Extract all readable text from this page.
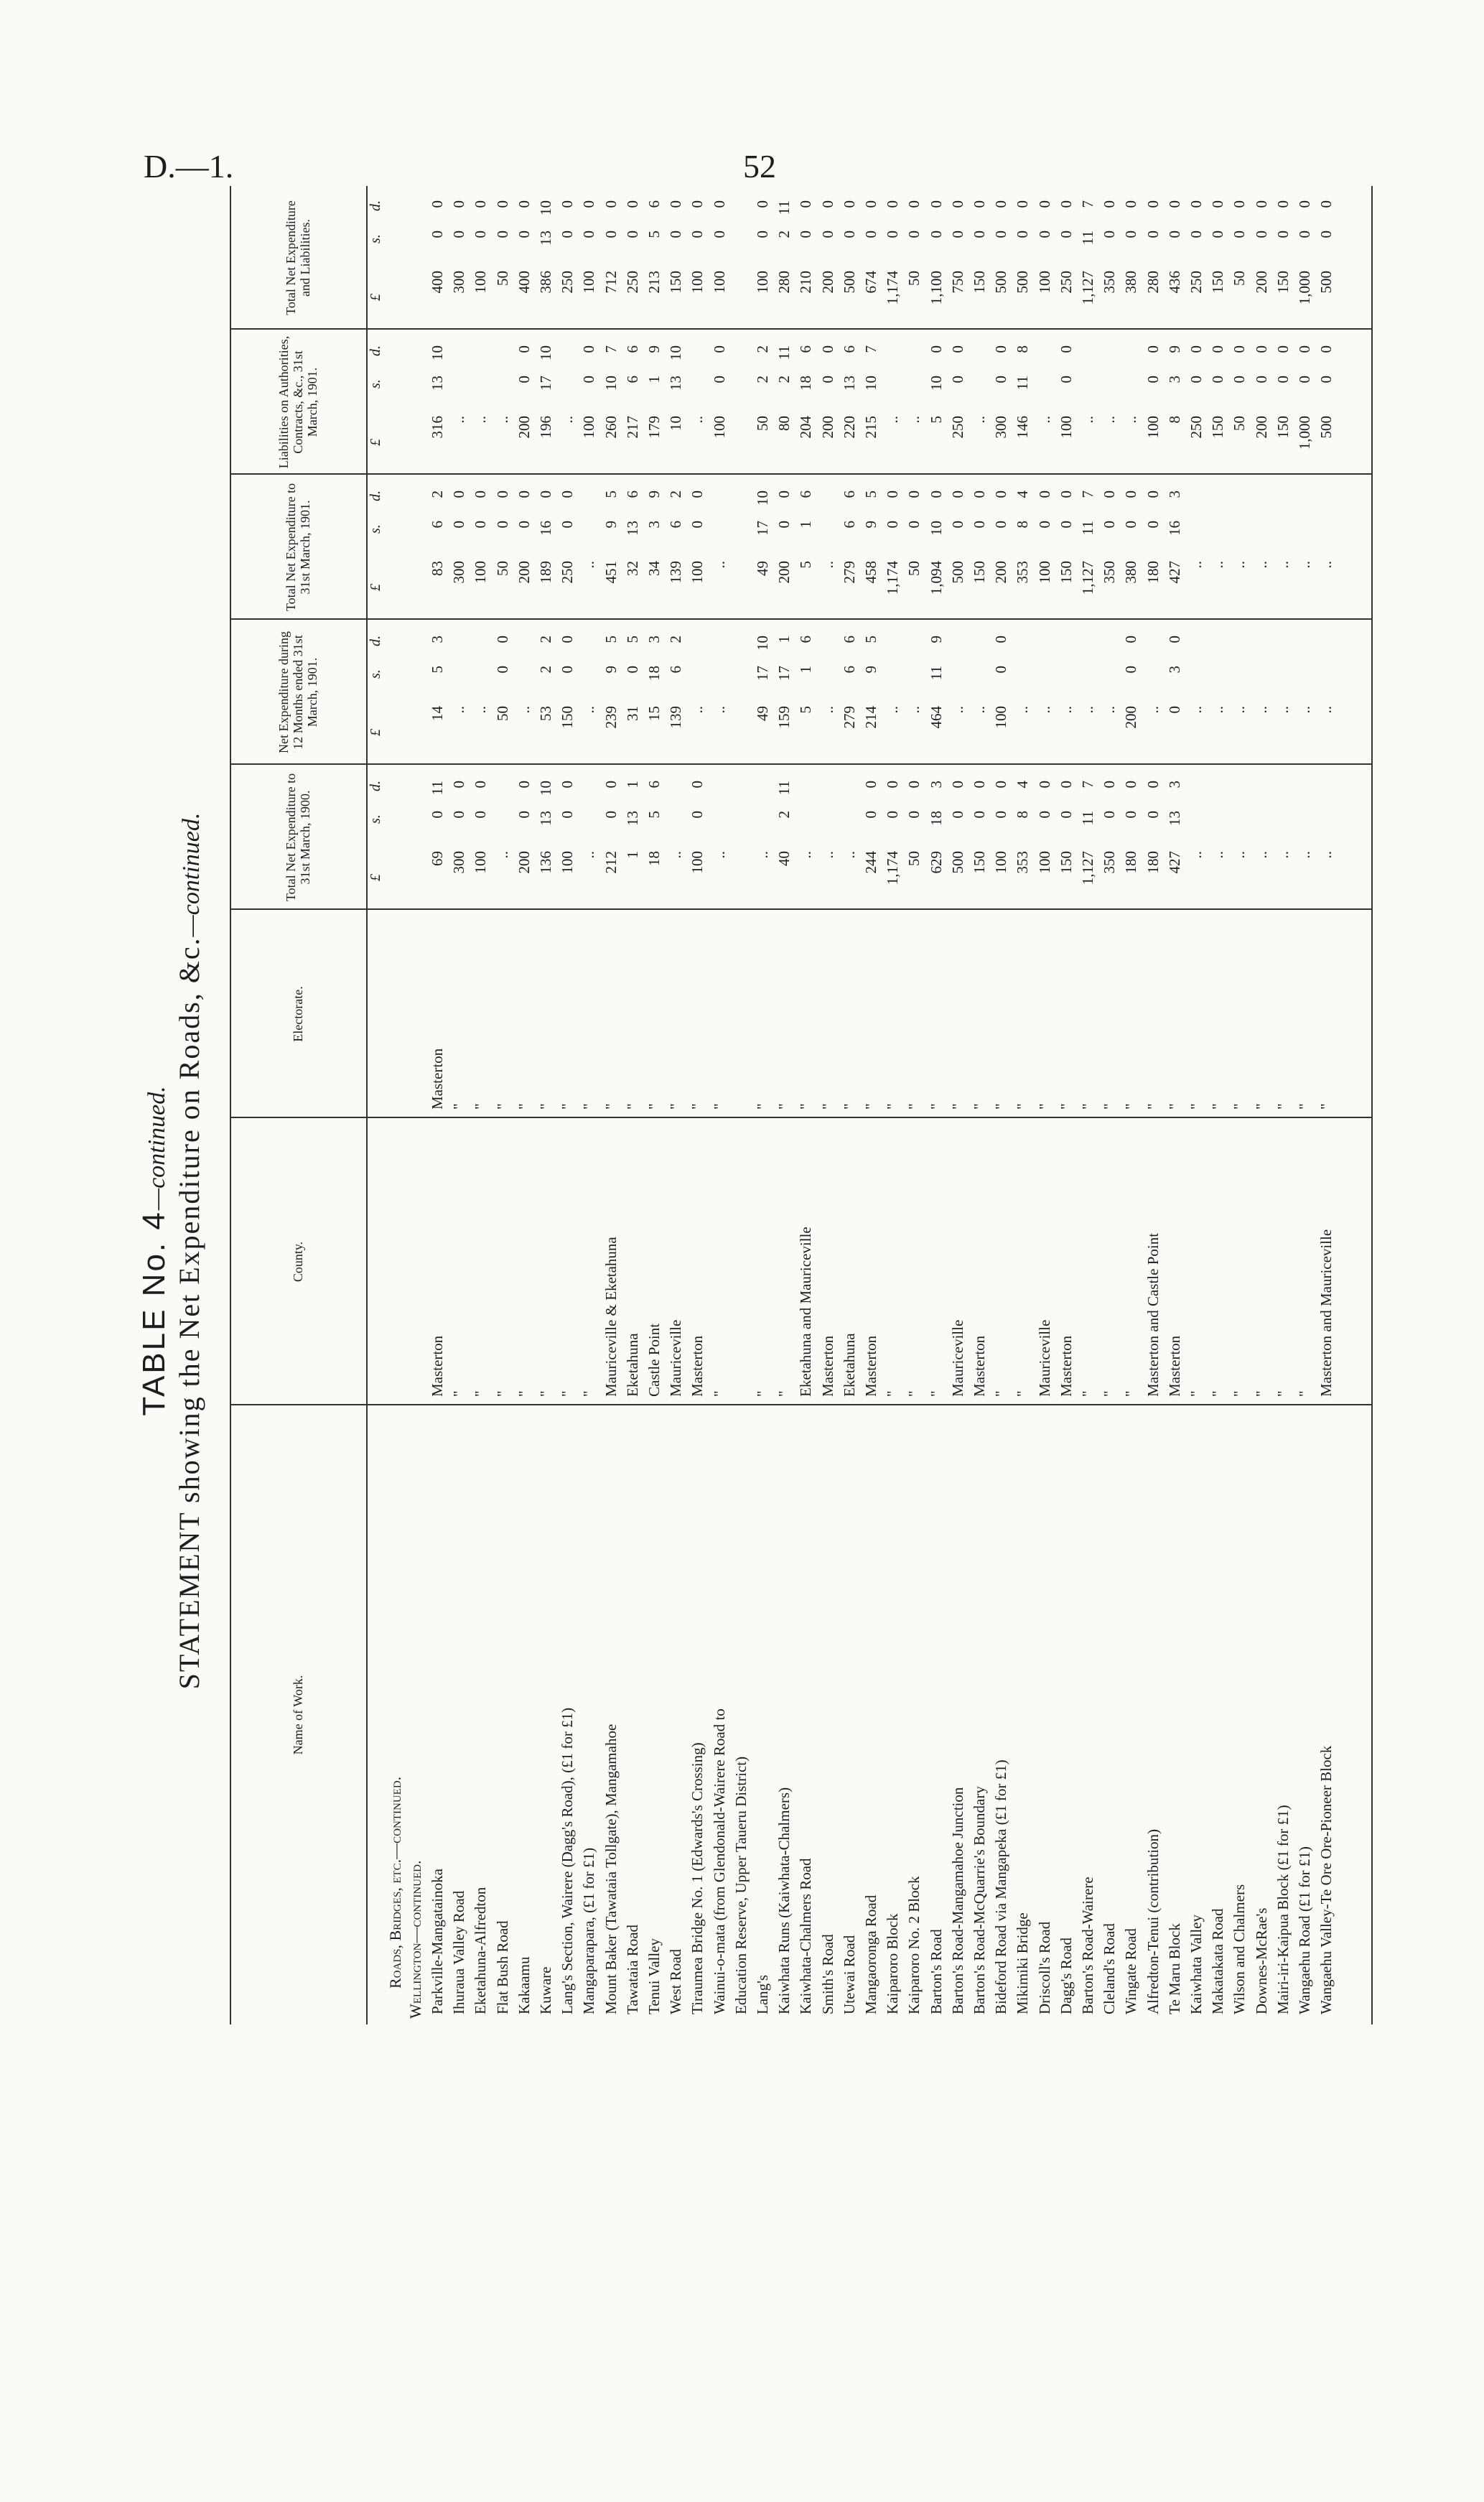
D.—1.	52
TABLE No. 4—continued. STATEMENT showing the Net Expenditure on Roads, &c.—continued.
Name of Work.
County.
Electorate.
Total Net Expenditure to 31st March, 1900.
Net Expenditure during 12 Months ended 31st March, 1901.
Total Net Expenditure to 31st March, 1901.
Liabilities on Authorities, Contracts, &c., 31st March, 1901.
Total Net Expenditure and Liabilities.
£
s.
d.
£
s.
d.
£
s.
d.
£
s.
d.
£
s.
d.
Roads, Bridges, etc.—continued. Wellington—continued. Parkville-Mangatainoka
Masterton
Masterton
69
0
11
14
5
3
83
6
2
316
13
10
400
0
0
Ihuraua Valley Road
"
"
300
0
0
..
300
0
0
..
300
0
0
Eketahuna-Alfredton
"
"
100
0
0
..
100
0
0
..
100
0
0
Flat Bush Road
"
"
..
50
0
0
50
0
0
..
50
0
0
Kakaamu
"
"
200
0
0
..
200
0
0
200
0
0
400
0
0
Kuware
"
"
136
13
10
53
2
2
189
16
0
196
17
10
386
13
10
Lang's Section, Wairere (Dagg's Road), (£1 for £1)
"
"
100
0
0
150
0
0
250
0
0
..
250
0
0
Mangaparapara, (£1 for £1)
"
"
..
..
..
100
0
0
100
0
0
Mount Baker (Tawataia Tollgate), Mangamahoe
Mauriceville & Eketahuna
"
212
0
0
239
9
5
451
9
5
260
10
7
712
0
0
Tawataia Road
Eketahuna
"
1
13
1
31
0
5
32
13
6
217
6
6
250
0
0
Tenui Valley
Castle Point
"
18
5
6
15
18
3
34
3
9
179
1
9
213
5
6
West Road
Mauriceville
"
..
139
6
2
139
6
2
10
13
10
150
0
0
Tiraumea Bridge No. 1 (Edwards's Crossing)
Masterton
"
100
0
0
..
100
0
0
..
100
0
0
Wainui-o-mata (from Glendonald-Wairere Road to
"
"
..
..
..
100
0
0
100
0
0
Education Reserve, Upper Taueru District) Lang's
"
"
..
49
17
10
49
17
10
50
2
2
100
0
0
Kaiwhata Runs (Kaiwhata-Chalmers)
"
"
40
2
11
159
17
1
200
0
0
80
2
11
280
2
11
Kaiwhata-Chalmers Road
Eketahuna and Mauriceville
"
..
5
1
6
5
1
6
204
18
6
210
0
0
Smith's Road
Masterton
"
..
..
..
200
0
0
200
0
0
Utewai Road
Eketahuna
"
..
279
6
6
279
6
6
220
13
6
500
0
0
Mangaoronga Road
Masterton
"
244
0
0
214
9
5
458
9
5
215
10
7
674
0
0
Kaiparoro Block
"
"
1,174
0
0
..
1,174
0
0
..
1,174
0
0
Kaiparoro No. 2 Block
"
"
50
0
0
..
50
0
0
..
50
0
0
Barton's Road
"
"
629
18
3
464
11
9
1,094
10
0
5
10
0
1,100
0
0
Barton's Road-Mangamahoe Junction
Mauriceville
"
500
0
0
..
500
0
0
250
0
0
750
0
0
Barton's Road-McQuarrie's Boundary
Masterton
"
150
0
0
..
150
0
0
..
150
0
0
Bideford Road via Mangapeka (£1 for £1)
"
"
100
0
0
100
0
0
200
0
0
300
0
0
500
0
0
Mikimiki Bridge
"
"
353
8
4
..
353
8
4
146
11
8
500
0
0
Driscoll's Road
Mauriceville
"
100
0
0
..
100
0
0
..
100
0
0
Dagg's Road
Masterton
"
150
0
0
..
150
0
0
100
0
0
250
0
0
Barton's Road-Wairere
"
"
1,127
11
7
..
1,127
11
7
..
1,127
11
7
Cleland's Road
"
"
350
0
0
..
350
0
0
..
350
0
0
Wingate Road
"
"
180
0
0
200
0
0
380
0
0
..
380
0
0
Alfredton-Tenui (contribution)
Masterton and Castle Point
"
180
0
0
..
180
0
0
100
0
0
280
0
0
Te Maru Block
Masterton
"
427
13
3
0
3
0
427
16
3
8
3
9
436
0
0
Kaiwhata Valley
"
"
..
..
..
250
0
0
250
0
0
Makatakata Road
"
"
..
..
..
150
0
0
150
0
0
Wilson and Chalmers
"
"
..
..
..
50
0
0
50
0
0
Downes-McRae's
"
"
..
..
..
200
0
0
200
0
0
Mairi-iri-Kaipua Block (£1 for £1)
"
"
..
..
..
150
0
0
150
0
0
Wangaehu Road (£1 for £1)
"
"
..
..
..
1,000
0
0
1,000
0
0
Wangaehu Valley-Te Ore Ore-Pioneer Block
Masterton and Mauriceville
"
..
..
..
500
0
0
500
0
0
